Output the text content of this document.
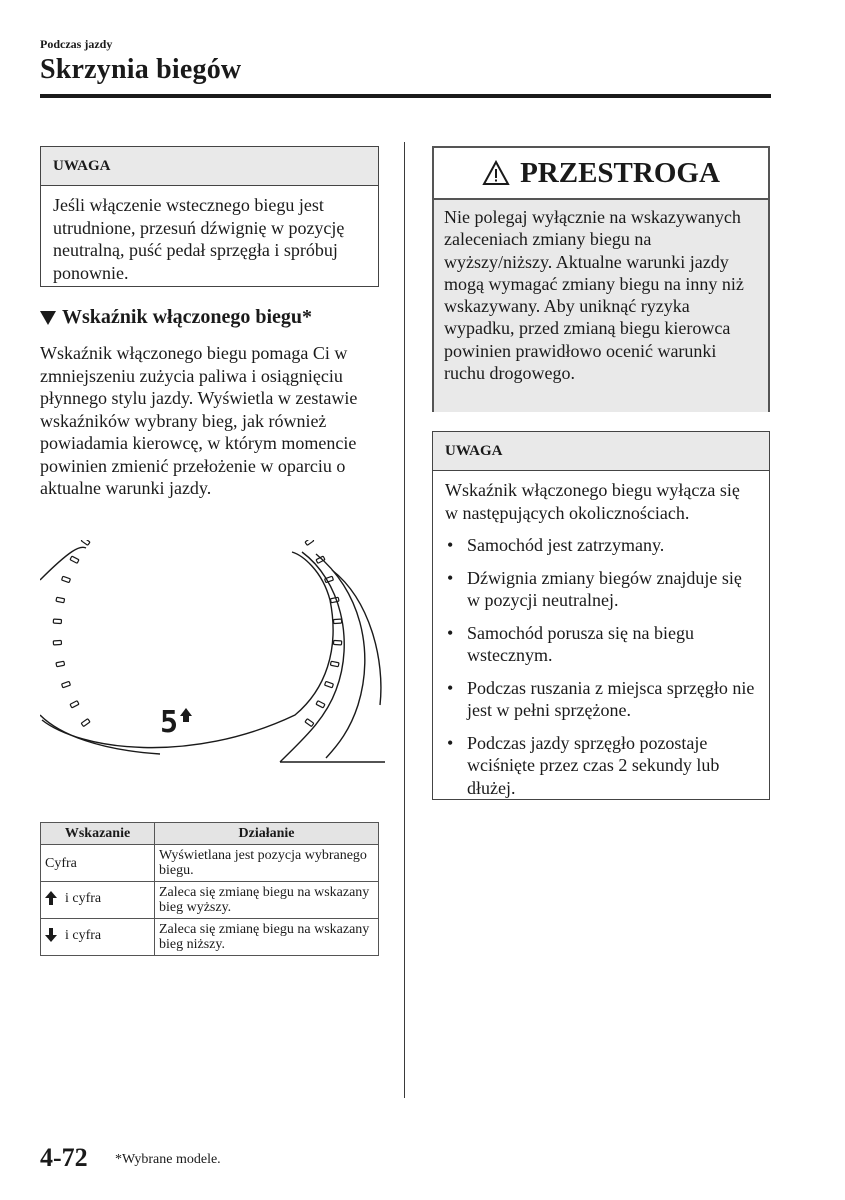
Podczas jazdy
Skrzynia biegów
UWAGA
Jeśli włączenie wstecznego biegu jest utrudnione, przesuń dźwignię w pozycję neutralną, puść pedał sprzęgła i spróbuj ponownie.
Wskaźnik włączonego biegu*
Wskaźnik włączonego biegu pomaga Ci w zmniejszeniu zużycia paliwa i osiągnięciu płynnego stylu jazdy. Wyświetla w zestawie wskaźników wybrany bieg, jak również powiadamia kierowcę, w którym momencie powinien zmienić przełożenie w oparciu o aktualne warunki jazdy.
5
Wskazanie	Działanie
Cyfra	Wyświetlana jest pozycja wybranego biegu.

i cyfra	Zaleca się zmianę biegu na wskazany bieg wyższy.

i cyfra	Zaleca się zmianę biegu na wskazany bieg niższy.
PRZESTROGA
Nie polegaj wyłącznie na wskazywanych zaleceniach zmiany biegu na wyższy/niższy. Aktualne warunki jazdy mogą wymagać zmiany biegu na inny niż wskazywany. Aby uniknąć ryzyka wypadku, przed zmianą biegu kierowca powinien prawidłowo ocenić warunki ruchu drogowego.
UWAGA
Wskaźnik włączonego biegu wyłącza się w następujących okolicznościach.
• Samochód jest zatrzymany.
• Dźwignia zmiany biegów znajduje się w pozycji neutralnej.
• Samochód porusza się na biegu wstecznym.
• Podczas ruszania z miejsca sprzęgło nie jest w pełni sprzężone.
• Podczas jazdy sprzęgło pozostaje wciśnięte przez czas 2 sekundy lub dłużej.
4-72 *Wybrane modele.
